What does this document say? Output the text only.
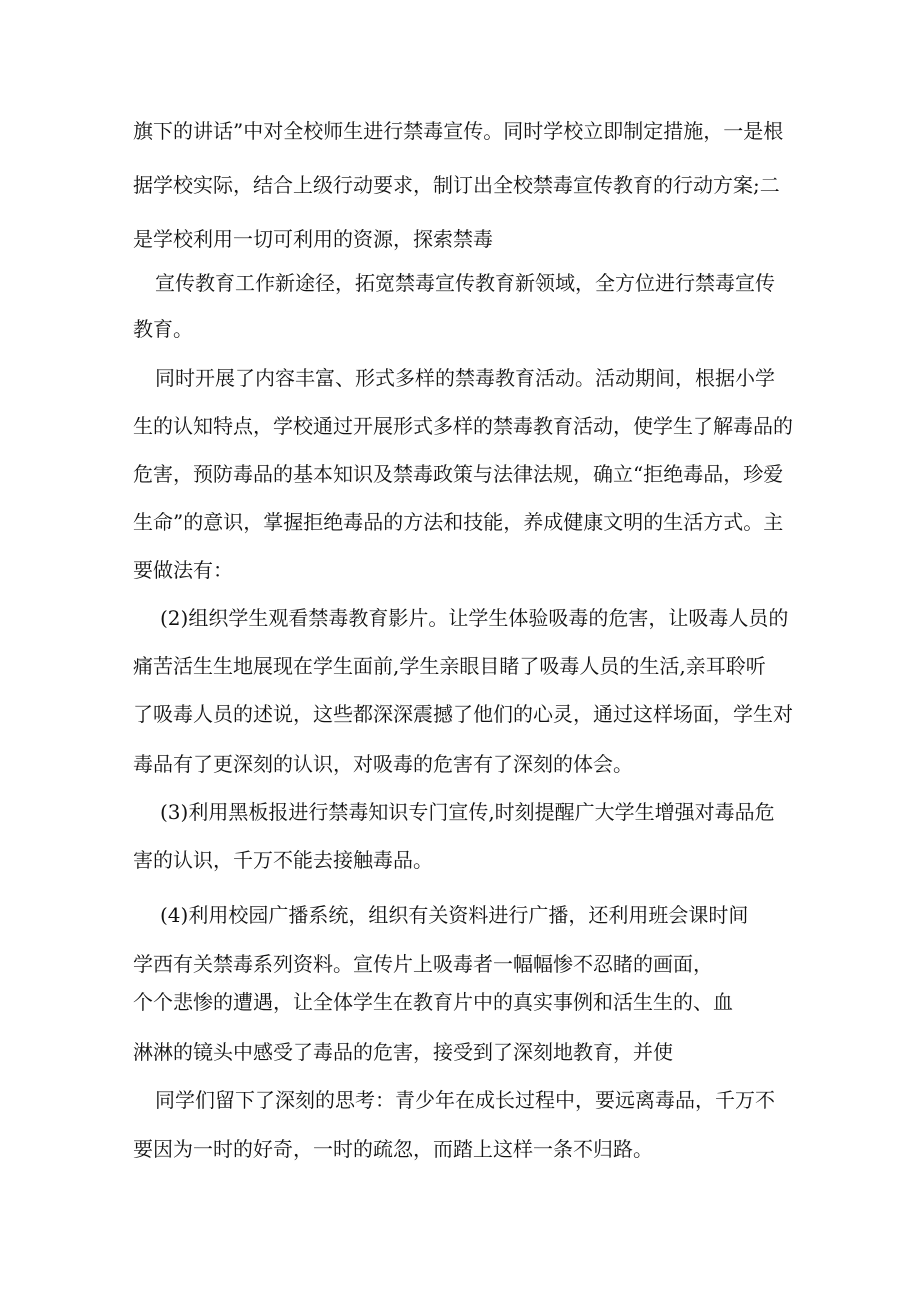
旗下的讲话”中对全校师生进行禁毒宣传。同时学校立即制定措施，一是根

据学校实际，结合上级行动要求，制订出全校禁毒宣传教育的行动方案;二

是学校利用一切可利用的资源，探索禁毒

宣传教育工作新途径，拓宽禁毒宣传教育新领域，全方位进行禁毒宣传

教育。

同时开展了内容丰富、形式多样的禁毒教育活动。活动期间，根据小学

生的认知特点，学校通过开展形式多样的禁毒教育活动，使学生了解毒品的

危害，预防毒品的基本知识及禁毒政策与法律法规，确立“拒绝毒品，珍爱

生命”的意识，掌握拒绝毒品的方法和技能，养成健康文明的生活方式。主

要做法有：

(2)组织学生观看禁毒教育影片。让学生体验吸毒的危害，让吸毒人员的

痛苦活生生地展现在学生面前,学生亲眼目睹了吸毒人员的生活,亲耳聆听

了吸毒人员的述说，这些都深深震撼了他们的心灵，通过这样场面，学生对

毒品有了更深刻的认识，对吸毒的危害有了深刻的体会。

(3)利用黑板报进行禁毒知识专门宣传,时刻提醒广大学生增强对毒品危

害的认识，千万不能去接触毒品。

(4)利用校园广播系统，组织有关资料进行广播，还利用班会课时间

学西有关禁毒系列资料。宣传片上吸毒者一幅幅惨不忍睹的画面，

个个悲惨的遭遇，让全体学生在教育片中的真实事例和活生生的、血

淋淋的镜头中感受了毒品的危害，接受到了深刻地教育，并使

同学们留下了深刻的思考：青少年在成长过程中，要远离毒品，千万不

要因为一时的好奇，一时的疏忽，而踏上这样一条不归路。
